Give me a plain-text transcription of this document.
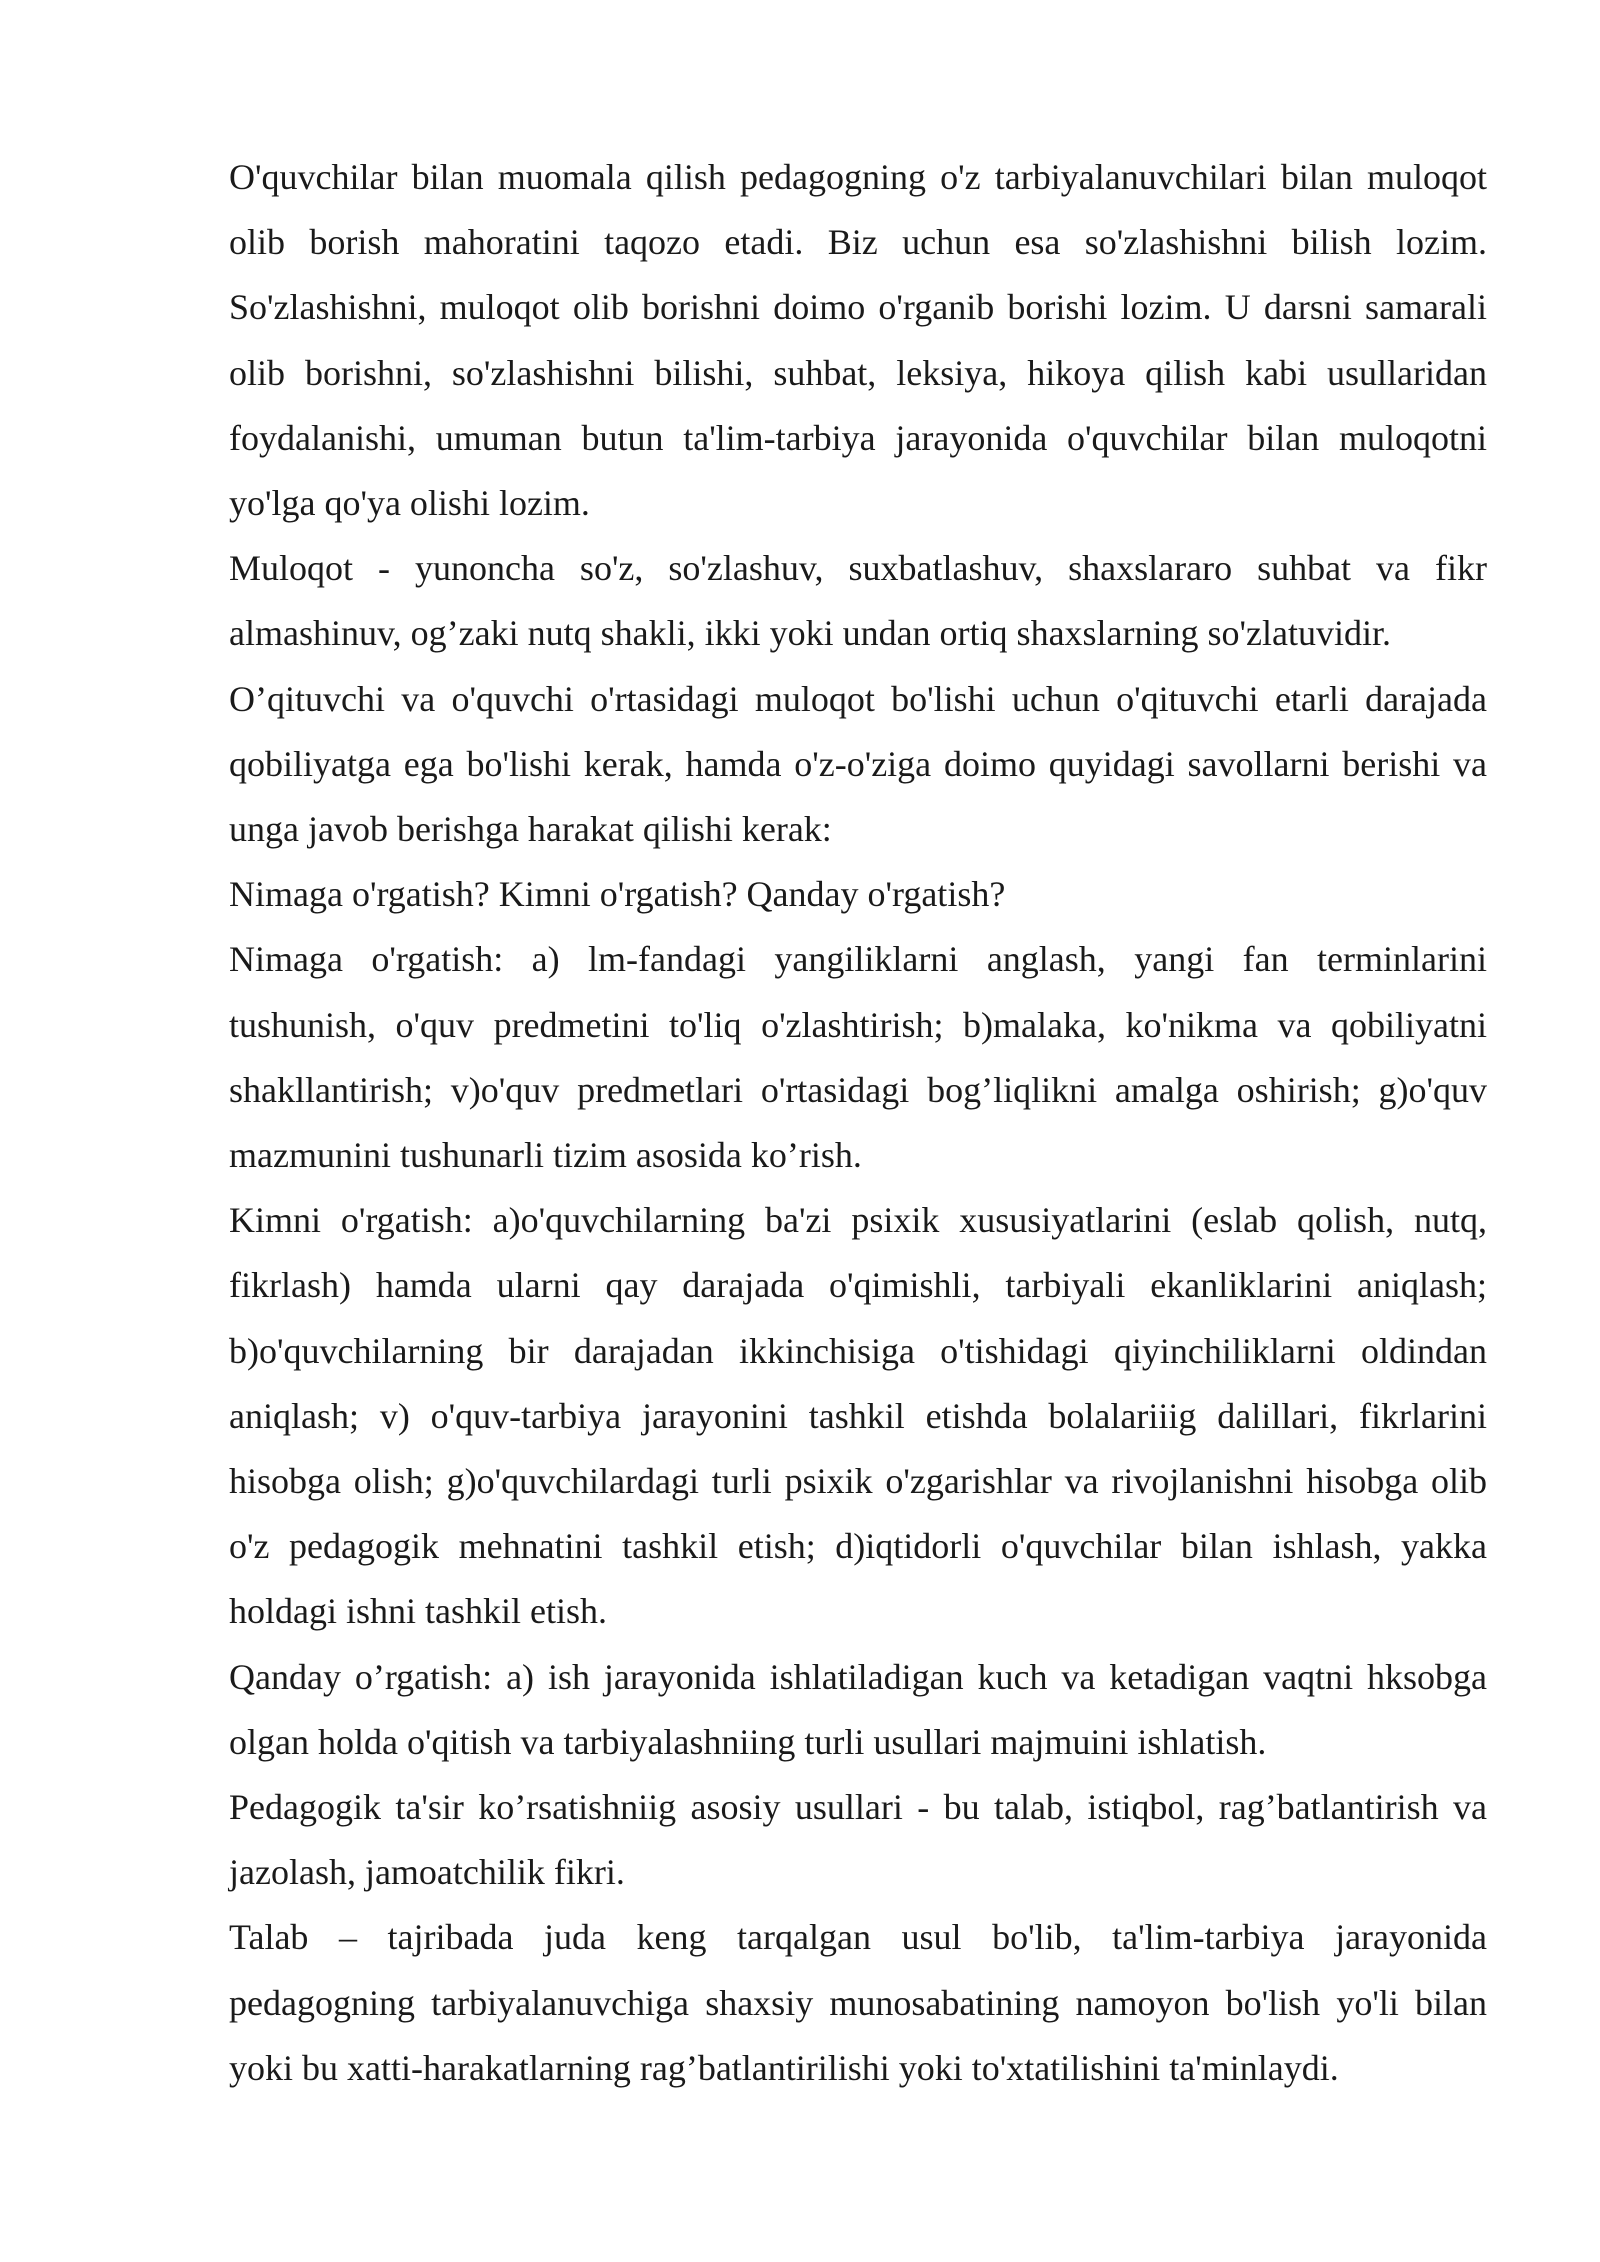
O'quvchilar bilan muomala qilish pedagogning o'z tarbiyalanuvchilari bilan muloqot olib borish mahoratini taqozo etadi. Biz uchun esa so'zlashishni bilish lozim. So'zlashishni, muloqot olib borishni doimo o'rganib borishi lozim. U darsni samarali olib borishni, so'zlashishni bilishi, suhbat, leksiya, hikoya qilish kabi usullaridan foydalanishi, umuman butun ta'lim-tarbiya jarayonida o'quvchilar bilan muloqotni yo'lga qo'ya olishi lozim.

Muloqot - yunoncha so'z, so'zlashuv, suxbatlashuv, shaxslararo suhbat va fikr almashinuv, og’zaki nutq shakli, ikki yoki undan ortiq shaxslarning so'zlatuvidir.

O’qituvchi va o'quvchi o'rtasidagi muloqot bo'lishi uchun o'qituvchi etarli darajada qobiliyatga ega bo'lishi kerak, hamda o'z-o'ziga doimo quyidagi savollarni berishi va unga javob berishga harakat qilishi kerak:

Nimaga o'rgatish? Kimni o'rgatish? Qanday o'rgatish?

Nimaga o'rgatish: a) lm-fandagi yangiliklarni anglash, yangi fan terminlarini tushunish, o'quv predmetini to'liq o'zlashtirish; b)malaka, ko'nikma va qobiliyatni shakllantirish; v)o'quv predmetlari o'rtasidagi bog’liqlikni amalga oshirish; g)o'quv mazmunini tushunarli tizim asosida ko’rish.

Kimni o'rgatish: a)o'quvchilarning ba'zi psixik xususiyatlarini (eslab qolish, nutq, fikrlash) hamda ularni qay darajada o'qimishli, tarbiyali ekanliklarini aniqlash; b)o'quvchilarning bir darajadan ikkinchisiga o'tishidagi qiyinchiliklarni oldindan aniqlash; v) o'quv-tarbiya jarayonini tashkil etishda bolalariiig dalillari, fikrlarini hisobga olish; g)o'quvchilardagi turli psixik o'zgarishlar va rivojlanishni hisobga olib o'z pedagogik mehnatini tashkil etish; d)iqtidorli o'quvchilar bilan ishlash, yakka holdagi ishni tashkil etish.

Qanday o’rgatish: a) ish jarayonida ishlatiladigan kuch va ketadigan vaqtni hksobga olgan holda o'qitish va tarbiyalashniing turli usullari majmuini ishlatish.

Pedagogik ta'sir ko’rsatishniig asosiy usullari - bu talab, istiqbol, rag’batlantirish va jazolash, jamoatchilik fikri.

Talab – tajribada juda keng tarqalgan usul bo'lib, ta'lim-tarbiya jarayonida pedagogning tarbiyalanuvchiga shaxsiy munosabatining namoyon bo'lish yo'li bilan yoki bu xatti-harakatlarning rag’batlantirilishi yoki to'xtatilishini ta'minlaydi.
